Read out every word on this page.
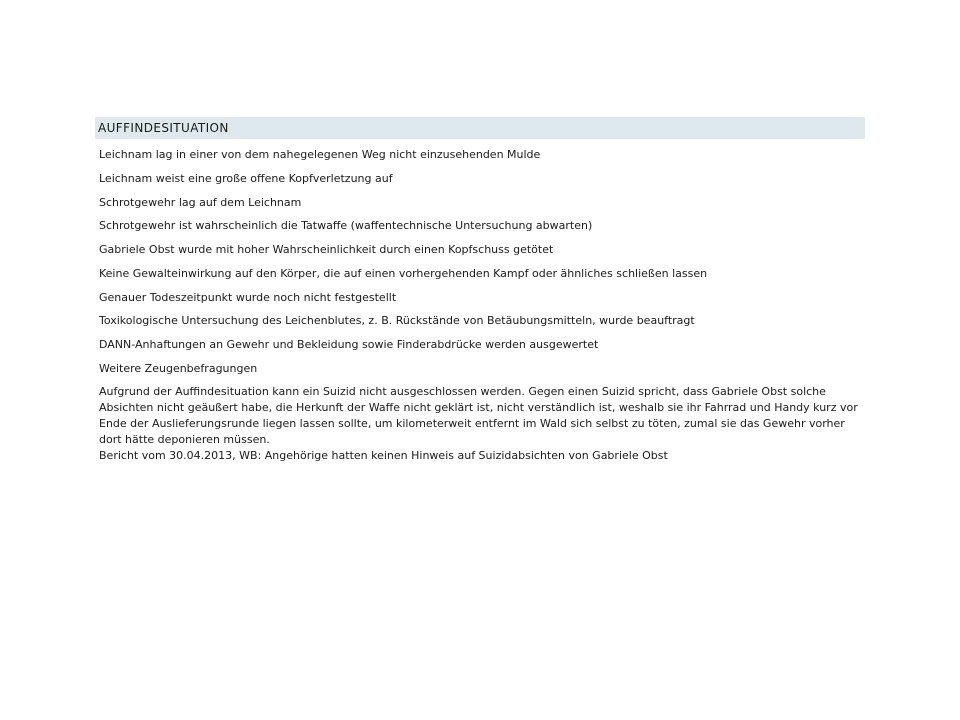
AUFFINDESITUATION
Leichnam lag in einer von dem nahegelegenen Weg nicht einzusehenden Mulde
Leichnam weist eine große offene Kopfverletzung auf
Schrotgewehr lag auf dem Leichnam
Schrotgewehr ist wahrscheinlich die Tatwaffe (waffentechnische Untersuchung abwarten)
Gabriele Obst wurde mit hoher Wahrscheinlichkeit durch einen Kopfschuss getötet
Keine Gewalteinwirkung auf den Körper, die auf einen vorhergehenden Kampf oder ähnliches schließen lassen
Genauer Todeszeitpunkt wurde noch nicht festgestellt
Toxikologische Untersuchung des Leichenblutes, z. B. Rückstände von Betäubungsmitteln, wurde beauftragt
DANN-Anhaftungen an Gewehr und Bekleidung sowie Finderabdrücke werden ausgewertet
Weitere Zeugenbefragungen

Aufgrund der Auffindesituation kann ein Suizid nicht ausgeschlossen werden. Gegen einen Suizid spricht, dass Gabriele Obst solche Absichten nicht geäußert habe, die Herkunft der Waffe nicht geklärt ist, nicht verständlich ist, weshalb sie ihr Fahrrad und Handy kurz vor Ende der Auslieferungsrunde liegen lassen sollte, um kilometerweit entfernt im Wald sich selbst zu töten, zumal sie das Gewehr vorher dort hätte deponieren müssen.

Bericht vom 30.04.2013, WB: Angehörige hatten keinen Hinweis auf Suizidabsichten von Gabriele Obst
